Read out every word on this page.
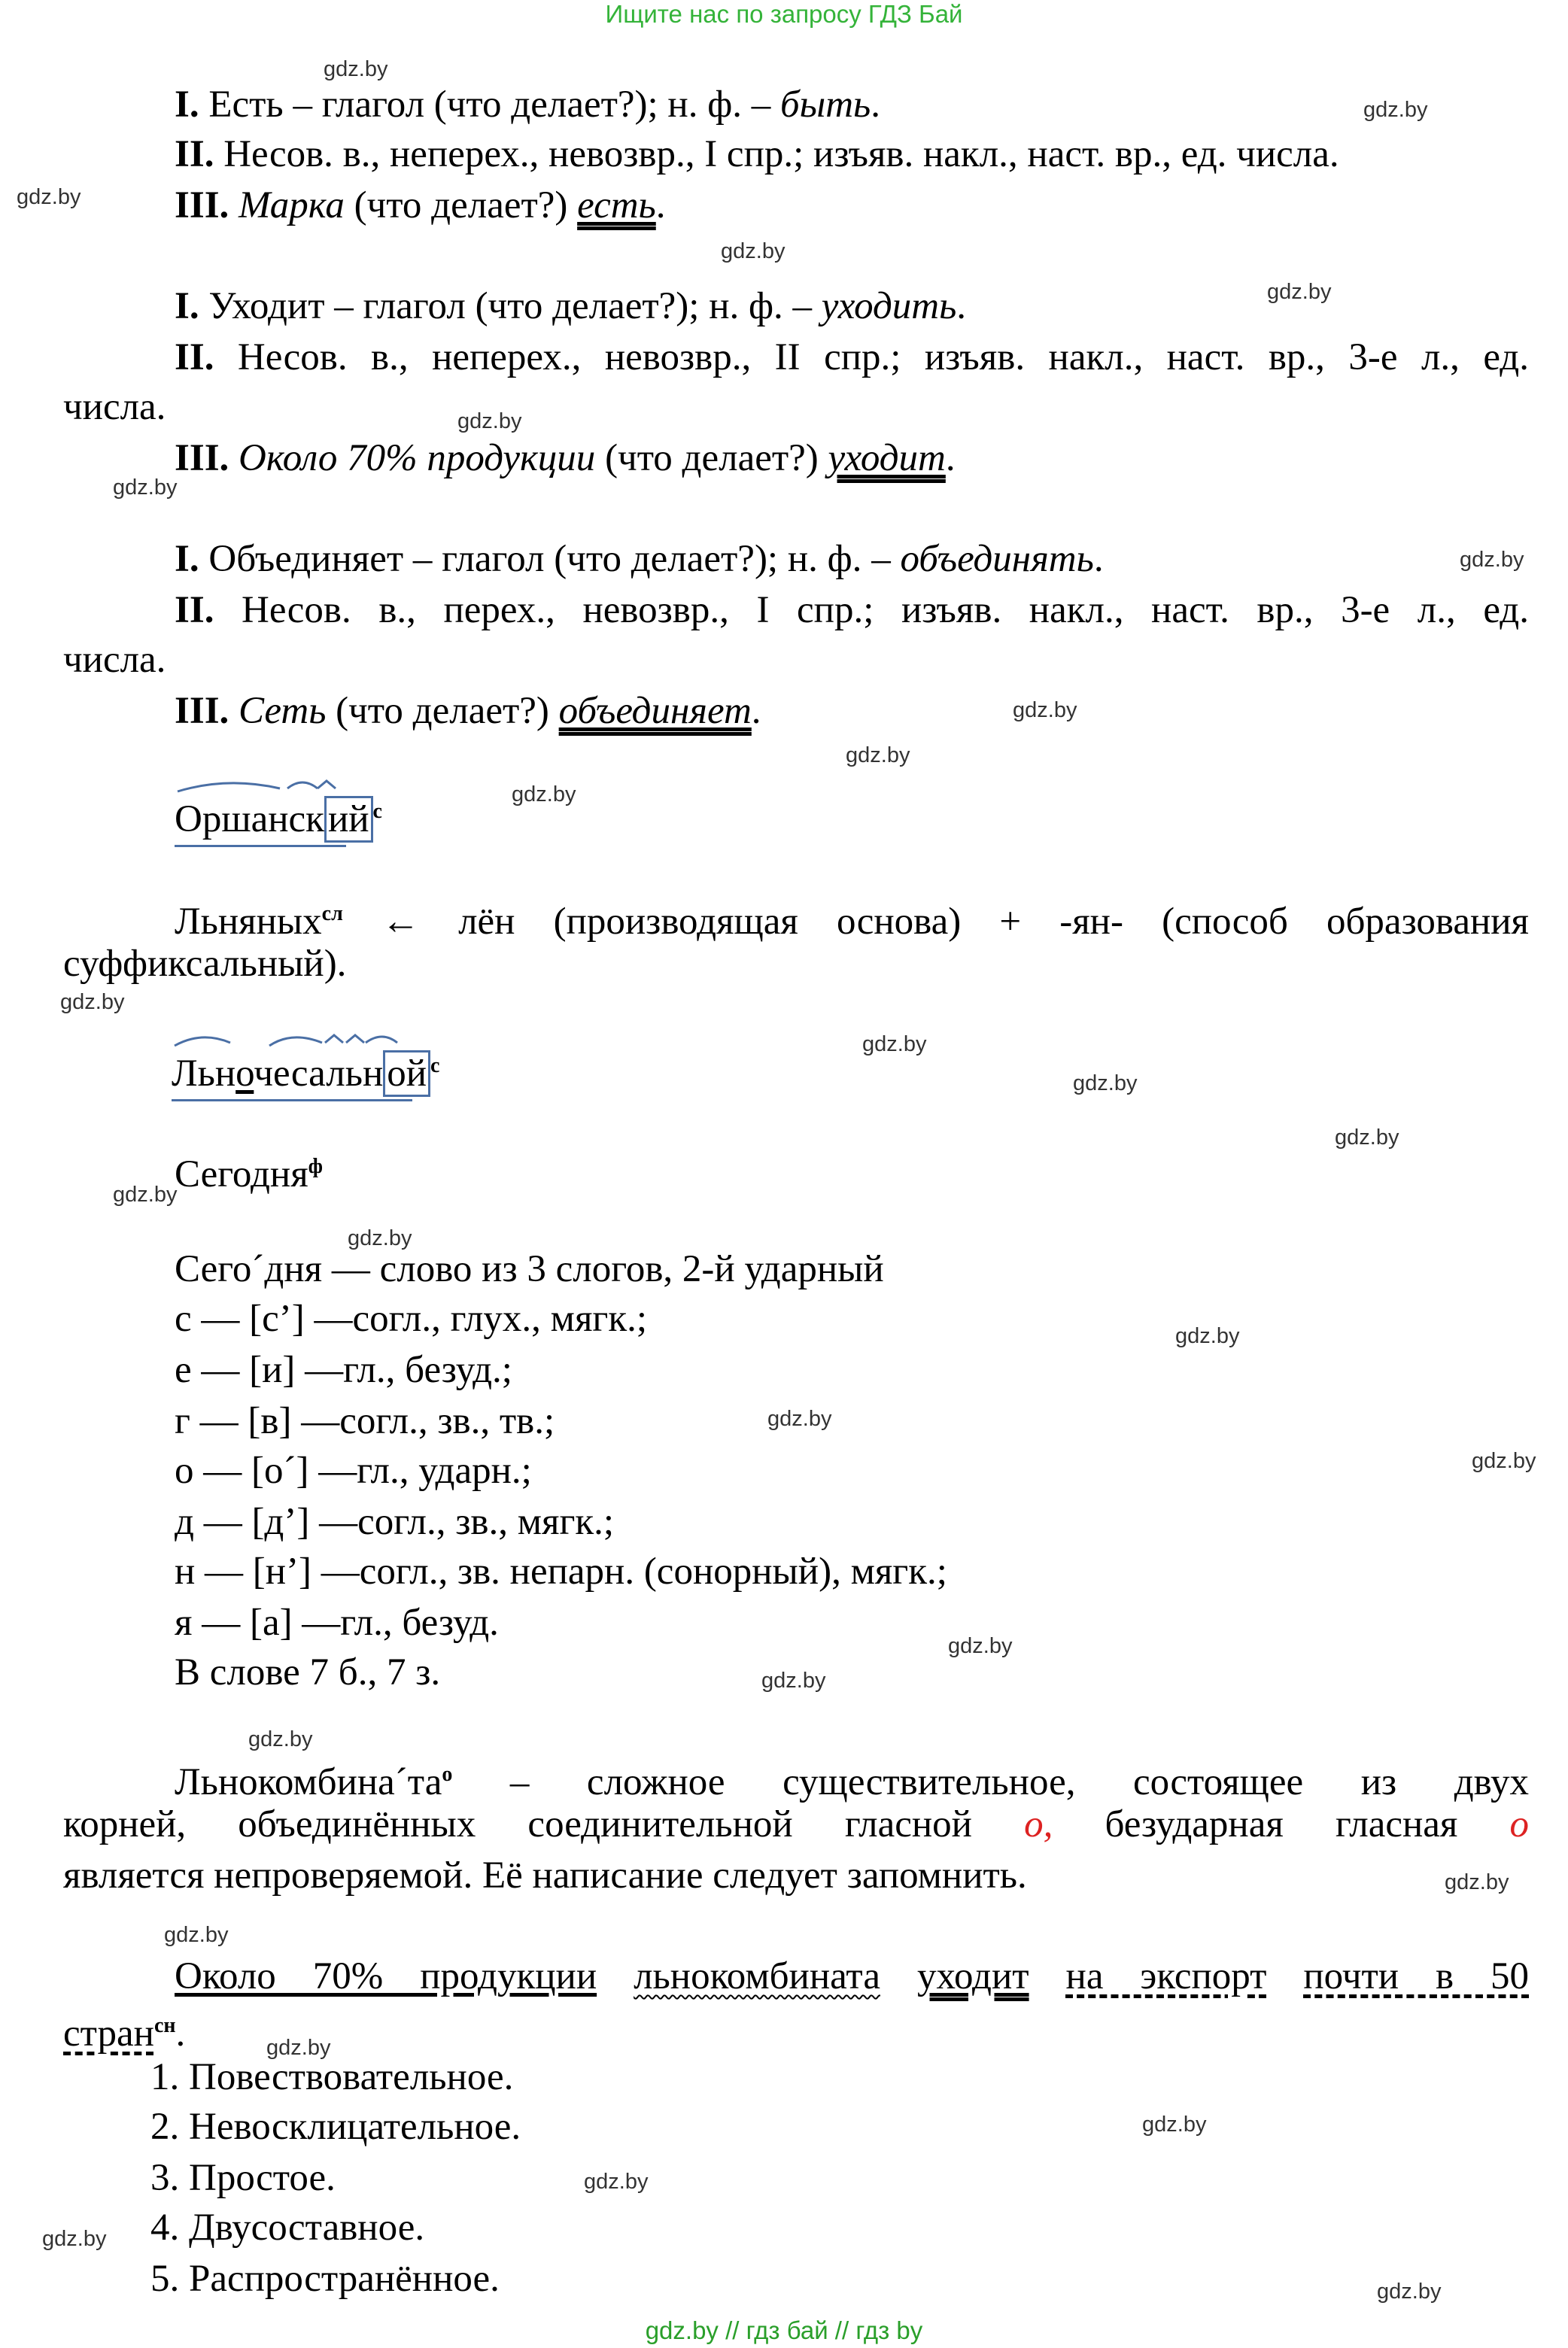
Ищите нас по запросу ГДЗ Бай
gdz.by
gdz.by
gdz.by
gdz.by
gdz.by
gdz.by
gdz.by
gdz.by
gdz.by
gdz.by
gdz.by
gdz.by
gdz.by
gdz.by
gdz.by
gdz.by
gdz.by
gdz.by
gdz.by
gdz.by
gdz.by
gdz.by
gdz.by
gdz.by
gdz.by
gdz.by
gdz.by
gdz.by
gdz.by
gdz.by
I. Есть – глагол (что делает?); н. ф. – быть.
II. Несов. в., неперех., невозвр., I спр.; изъяв. накл., наст. вр., ед. числа.
III. Марка (что делает?) есть.
I. Уходит – глагол (что делает?); н. ф. – уходить.
II. Несов. в., неперех., невозвр., II спр.; изъяв. накл., наст. вр., 3-е л., ед.
числа.
III. Около 70% продукции (что делает?) уходит.
I. Объединяет – глагол (что делает?); н. ф. – объединять.
II. Несов. в., перех., невозвр., I спр.; изъяв. накл., наст. вр., 3-е л., ед.
числа.
III. Сеть (что делает?) объединяет.
Оршанск
ий $^с$
Льняных$^{сл}$ ← лён (производящая основа) + -ян- (способ образования
суффиксальный).
Льночесальн
ой $^с$
Сегодня$^ф$
Сего´дня — слово из 3 слогов, 2-й ударный
с — [с’] —согл., глух., мягк.;
е — [и] —гл., безуд.;
г — [в] —согл., зв., тв.;
о — [о´] —гл., ударн.;
д — [д’] —согл., зв., мягк.;
н — [н’] —согл., зв. непарн. (сонорный), мягк.;
я — [а] —гл., безуд.
В слове 7 б., 7 з.
$Льнокомбина´та^о$ – сложное существительное, состоящее из двух
корней, объединённых соединительной гласной о, безударная гласная о
является непроверяемой. Её написание следует запомнить.
Около 70% продукции льнокомбината уходит на экспорт почти в 50
стран$^{сн}$.
1. Повествовательное.
2. Невосклицательное.
3. Простое.
4. Двусоставное.
5. Распространённое.
gdz.by // гдз бай // гдз by
